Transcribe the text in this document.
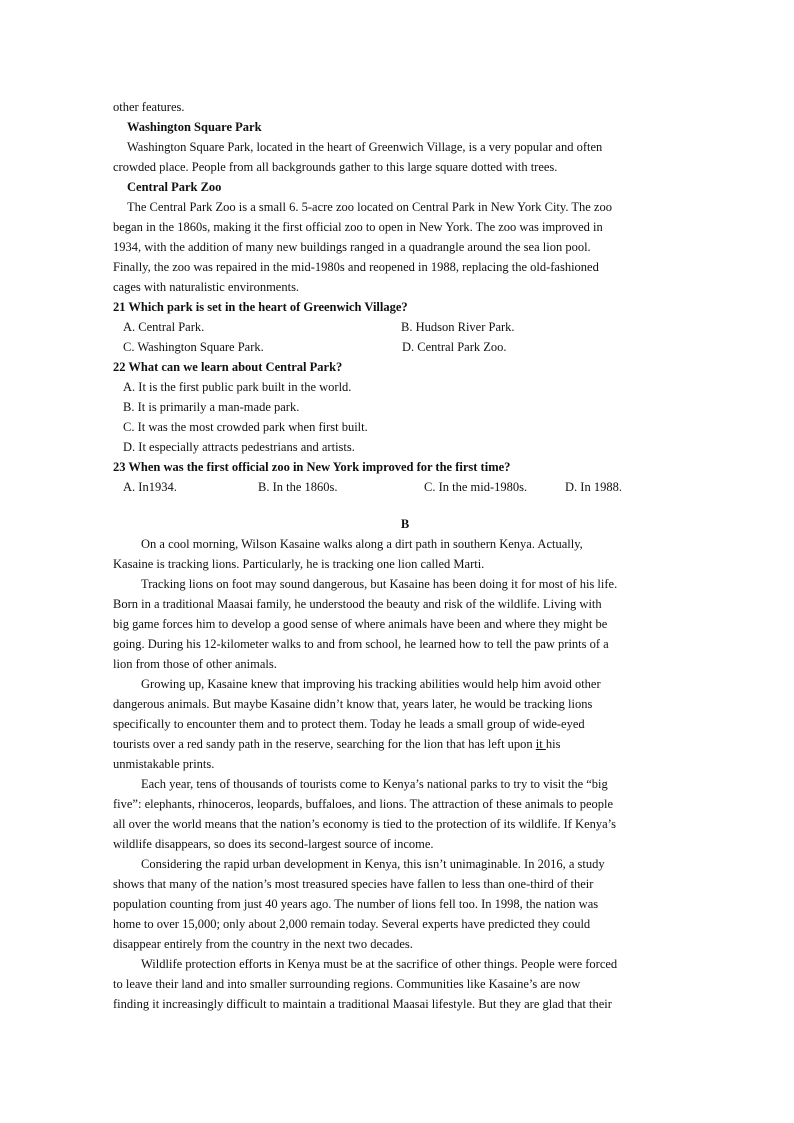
other features.
Washington Square Park
Washington Square Park, located in the heart of Greenwich Village, is a very popular and often
crowded place. People from all backgrounds gather to this large square dotted with trees.
Central Park Zoo
The Central Park Zoo is a small 6. 5-acre zoo located on Central Park in New York City. The zoo
began in the 1860s, making it the first official zoo to open in New York. The zoo was improved in
1934, with the addition of many new buildings ranged in a quadrangle around the sea lion pool.
Finally, the zoo was repaired in the mid-1980s and reopened in 1988, replacing the old-fashioned
cages with naturalistic environments.
21 Which park is set in the heart of Greenwich Village?
A. Central Park.	B. Hudson River Park.
C. Washington Square Park.	D. Central Park Zoo.
22 What can we learn about Central Park?
A. It is the first public park built in the world.
B. It is primarily a man-made park.
C. It was the most crowded park when first built.
D. It especially attracts pedestrians and artists.
23 When was the first official zoo in New York improved for the first time?
A. In1934.	B. In the 1860s.	C. In the mid-1980s.	D. In 1988.
B
On a cool morning, Wilson Kasaine walks along a dirt path in southern Kenya. Actually,
Kasaine is tracking lions. Particularly, he is tracking one lion called Marti.
Tracking lions on foot may sound dangerous, but Kasaine has been doing it for most of his life.
Born in a traditional Maasai family, he understood the beauty and risk of the wildlife. Living with
big game forces him to develop a good sense of where animals have been and where they might be
going. During his 12-kilometer walks to and from school, he learned how to tell the paw prints of a
lion from those of other animals.
Growing up, Kasaine knew that improving his tracking abilities would help him avoid other
dangerous animals. But maybe Kasaine didn’t know that, years later, he would be tracking lions
specifically to encounter them and to protect them. Today he leads a small group of wide-eyed
tourists over a red sandy path in the reserve, searching for the lion that has left upon it his
unmistakable prints.
Each year, tens of thousands of tourists come to Kenya’s national parks to try to visit the “big
five”: elephants, rhinoceros, leopards, buffaloes, and lions. The attraction of these animals to people
all over the world means that the nation’s economy is tied to the protection of its wildlife. If Kenya’s
wildlife disappears, so does its second-largest source of income.
Considering the rapid urban development in Kenya, this isn’t unimaginable. In 2016, a study
shows that many of the nation’s most treasured species have fallen to less than one-third of their
population counting from just 40 years ago. The number of lions fell too. In 1998, the nation was
home to over 15,000; only about 2,000 remain today. Several experts have predicted they could
disappear entirely from the country in the next two decades.
Wildlife protection efforts in Kenya must be at the sacrifice of other things. People were forced
to leave their land and into smaller surrounding regions. Communities like Kasaine’s are now
finding it increasingly difficult to maintain a traditional Maasai lifestyle. But they are glad that their
